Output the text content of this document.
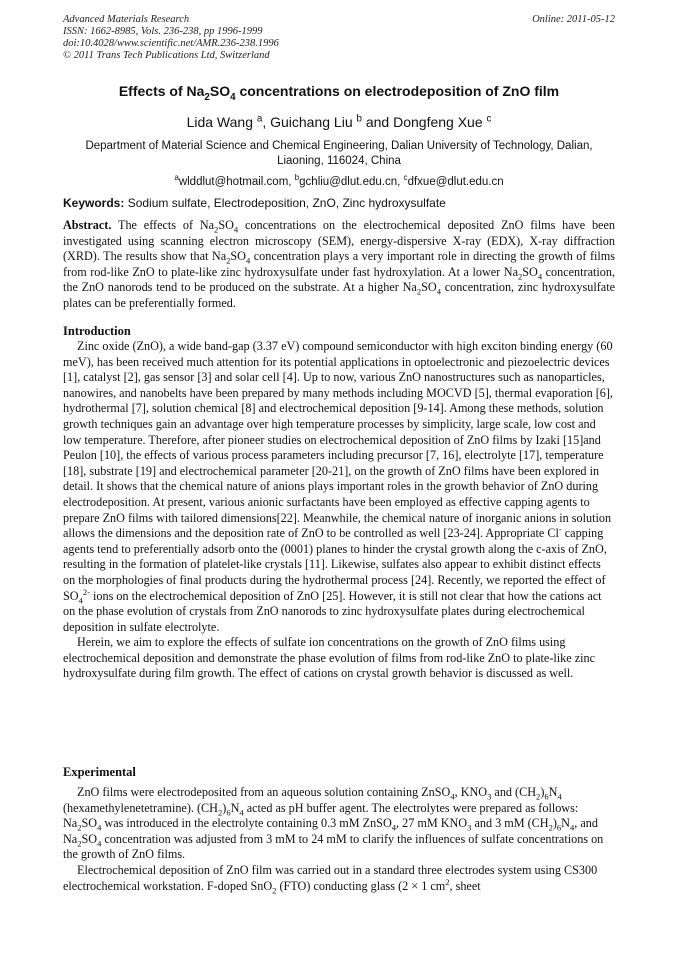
Advanced Materials Research
ISSN: 1662-8985, Vols. 236-238, pp 1996-1999
doi:10.4028/www.scientific.net/AMR.236-238.1996
© 2011 Trans Tech Publications Ltd, Switzerland
Online: 2011-05-12
Effects of $Na_2SO_4$ concentrations on electrodeposition of ZnO film
Lida Wang $^a$, Guichang Liu $^b$ and Dongfeng Xue $^c$
Department of Material Science and Chemical Engineering, Dalian University of Technology, Dalian, Liaoning, 116024, China
$^a$wlddlut@hotmail.com, $^b$gchliu@dlut.edu.cn, $^c$dfxue@dlut.edu.cn
Keywords: Sodium sulfate, Electrodeposition, ZnO, Zinc hydroxysulfate
Abstract. The effects of $Na_2SO_4$ concentrations on the electrochemical deposited ZnO films have been investigated using scanning electron microscopy (SEM), energy-dispersive X-ray (EDX), X-ray diffraction (XRD). The results show that $Na_2SO_4$ concentration plays a very important role in directing the growth of films from rod-like ZnO to plate-like zinc hydroxysulfate under fast hydroxylation. At a lower $Na_2SO_4$ concentration, the ZnO nanorods tend to be produced on the substrate. At a higher $Na_2SO_4$ concentration, zinc hydroxysulfate plates can be preferentially formed.
Introduction

Zinc oxide (ZnO), a wide band-gap (3.37 eV) compound semiconductor with high exciton binding energy (60 meV), has been received much attention for its potential applications in optoelectronic and piezoelectric devices [1], catalyst [2], gas sensor [3] and solar cell [4]. Up to now, various ZnO nanostructures such as nanoparticles, nanowires, and nanobelts have been prepared by many methods including MOCVD [5], thermal evaporation [6], hydrothermal [7], solution chemical [8] and electrochemical deposition [9-14]. Among these methods, solution growth techniques gain an advantage over high temperature processes by simplicity, large scale, low cost and low temperature. Therefore, after pioneer studies on electrochemical deposition of ZnO films by Izaki [15]and Peulon [10], the effects of various process parameters including precursor [7, 16], electrolyte [17], temperature [18], substrate [19] and electrochemical parameter [20-21], on the growth of ZnO films have been explored in detail. It shows that the chemical nature of anions plays important roles in the growth behavior of ZnO during electrodeposition. At present, various anionic surfactants have been employed as effective capping agents to prepare ZnO films with tailored dimensions[22]. Meanwhile, the chemical nature of inorganic anions in solution allows the dimensions and the deposition rate of ZnO to be controlled as well [23-24]. Appropriate Cl- capping agents tend to preferentially adsorb onto the (0001) planes to hinder the crystal growth along the c-axis of ZnO, resulting in the formation of platelet-like crystals [11]. Likewise, sulfates also appear to exhibit distinct effects on the morphologies of final products during the hydrothermal process [24]. Recently, we reported the effect of $SO_4^{2-}$ ions on the electrochemical deposition of ZnO [25]. However, it is still not clear that how the cations act on the phase evolution of crystals from ZnO nanorods to zinc hydroxysulfate plates during electrochemical deposition in sulfate electrolyte.

Herein, we aim to explore the effects of sulfate ion concentrations on the growth of ZnO films using electrochemical deposition and demonstrate the phase evolution of films from rod-like ZnO to plate-like zinc hydroxysulfate during film growth. The effect of cations on crystal growth behavior is discussed as well.

Experimental

ZnO films were electrodeposited from an aqueous solution containing ZnSO$_4$, $KNO_3$ and $(CH_2)_6N_4$ (hexamethylenetetramine). $(CH_2)_6N_4$ acted as pH buffer agent. The electrolytes were prepared as follows: $Na_2SO_4$ was introduced in the electrolyte containing 0.3 mM ZnSO$_4$, 27 mM $KNO_3$ and 3 mM $(CH_2)_6N_4$, and $Na_2SO_4$ concentration was adjusted from 3 mM to 24 mM to clarify the influences of sulfate concentrations on the growth of ZnO films.

Electrochemical deposition of ZnO film was carried out in a standard three electrodes system using CS300 electrochemical workstation. F-doped SnO$_2$ (FTO) conducting glass (2 × 1 $cm^2$, sheet
